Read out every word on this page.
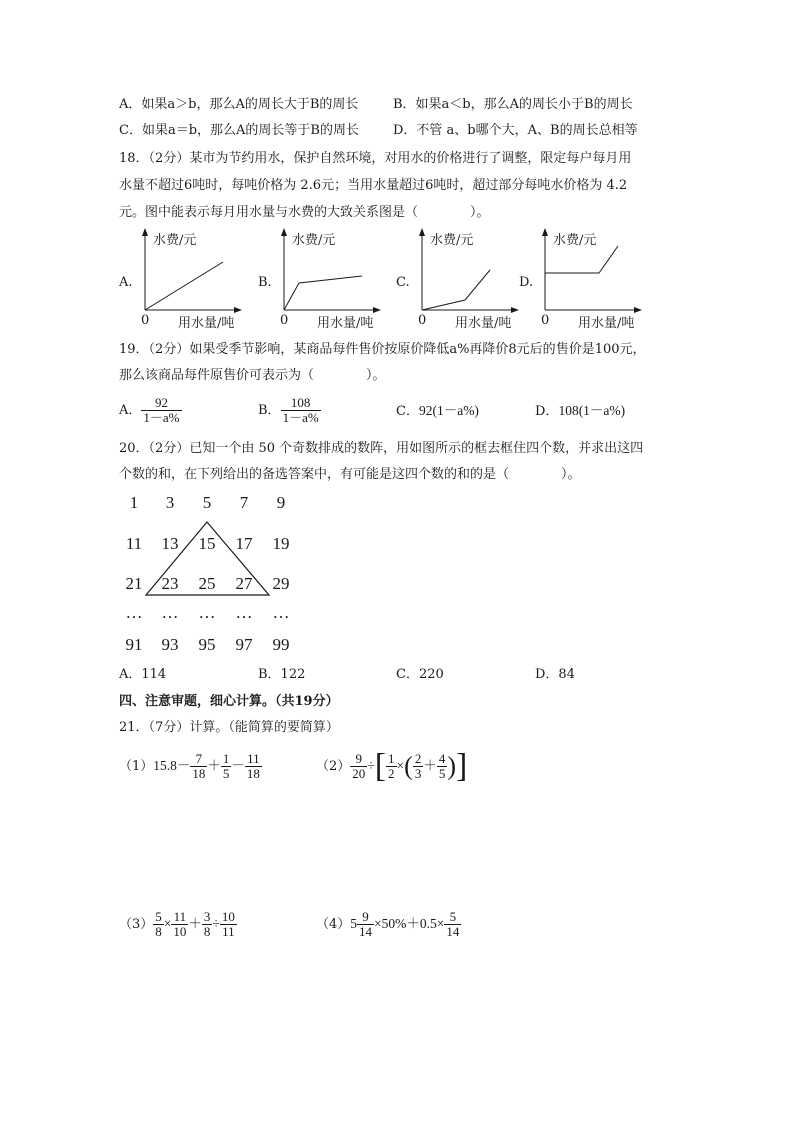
A．如果a＞b，那么A的周长大于B的周长	B．如果a＜b，那么A的周长小于B的周长
C．如果a＝b，那么A的周长等于B的周长	D．不管 a、b哪个大，A、B的周长总相等
18．（2分）某市为节约用水，保护自然环境，对用水的价格进行了调整，限定每户每月用
水量不超过6吨时，每吨价格为 2.6元；当用水量超过6吨时，超过部分每吨水价格为 4.2
元。图中能表示每月用水量与水费的大致关系图是（　　　　）。
A.
水费/元
用水量/吨
0
B.
水费/元
用水量/吨
0
C.
水费/元
用水量/吨
0
D.
水费/元
用水量/吨
0
19．（2分）如果受季节影响，某商品每件售价按原价降低a%再降价8元后的售价是100元，
那么该商品每件原售价可表示为（　　　　）。
A． $\frac{92}{1-a\%}$	B． $\frac{108}{1-a\%}$	C．92(1－a%)	D．108(1－a%)
20．（2分）已知一个由 50 个奇数排成的数阵，用如图所示的框去框住四个数，并求出这四
个数的和，在下列给出的备选答案中，有可能是这四个数的和的是（　　　　）。
1 3 5 7 9
11 13 15 17 19
21 23 25 27 29
… … … … …
91 93 95 97 99
A．114	B．122	C．220	D．84
四、注意审题，细心计算。（共19分）
21．（7分）计算。（能简算的要简算）
$(1)15.8- \frac{7}{18} + \frac{1}{5} - \frac{11}{18}$	$(2) \frac{9}{20}$ ÷[ $\frac{1}{2}$ ×( $\frac{2}{3} + \frac{4}{5}$ )]
$(3) \frac{5}{8} \times \frac{11}{10} + \frac{3}{8} \div \frac{10}{11}$	$(4)5 \frac{9}{14} \times 50\%+0.5\times \frac{5}{14}$
